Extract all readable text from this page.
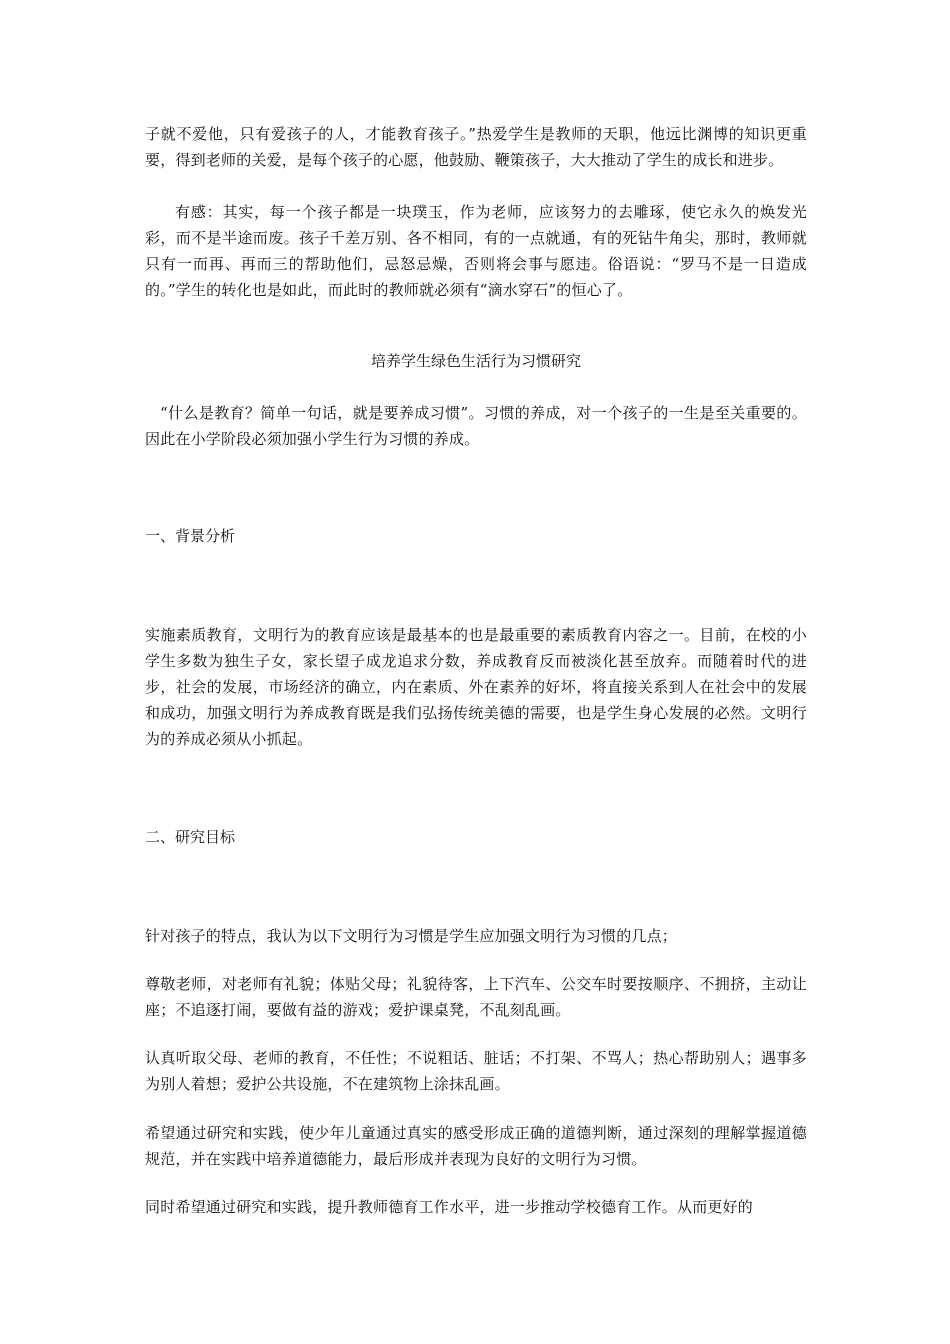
子就不爱他，只有爱孩子的人，才能教育孩子。”热爱学生是教师的天职，他远比渊博的知识更重要，得到老师的关爱，是每个孩子的心愿，他鼓励、鞭策孩子，大大推动了学生的成长和进步。

有感：其实，每一个孩子都是一块璞玉，作为老师，应该努力的去雕琢，使它永久的焕发光彩，而不是半途而废。孩子千差万别、各不相同，有的一点就通，有的死钻牛角尖，那时，教师就只有一而再、再而三的帮助他们，忌怒忌燥，否则将会事与愿违。俗语说：“罗马不是一日造成的。”学生的转化也是如此，而此时的教师就必须有“滴水穿石”的恒心了。

培养学生绿色生活行为习惯研究

“什么是教育？简单一句话，就是要养成习惯”。习惯的养成，对一个孩子的一生是至关重要的。因此在小学阶段必须加强小学生行为习惯的养成。

一、背景分析

实施素质教育，文明行为的教育应该是最基本的也是最重要的素质教育内容之一。目前，在校的小学生多数为独生子女，家长望子成龙追求分数，养成教育反而被淡化甚至放弃。而随着时代的进步，社会的发展，市场经济的确立，内在素质、外在素养的好坏，将直接关系到人在社会中的发展和成功，加强文明行为养成教育既是我们弘扬传统美德的需要，也是学生身心发展的必然。文明行为的养成必须从小抓起。

二、研究目标

针对孩子的特点，我认为以下文明行为习惯是学生应加强文明行为习惯的几点；

尊敬老师，对老师有礼貌；体贴父母；礼貌待客，上下汽车、公交车时要按顺序、不拥挤，主动让座；不追逐打闹，要做有益的游戏；爱护课桌凳，不乱刻乱画。

认真听取父母、老师的教育，不任性；不说粗话、脏话；不打架、不骂人；热心帮助别人；遇事多为别人着想；爱护公共设施，不在建筑物上涂抹乱画。

希望通过研究和实践，使少年儿童通过真实的感受形成正确的道德判断，通过深刻的理解掌握道德规范，并在实践中培养道德能力，最后形成并表现为良好的文明行为习惯。

同时希望通过研究和实践，提升教师德育工作水平，进一步推动学校德育工作。从而更好的
